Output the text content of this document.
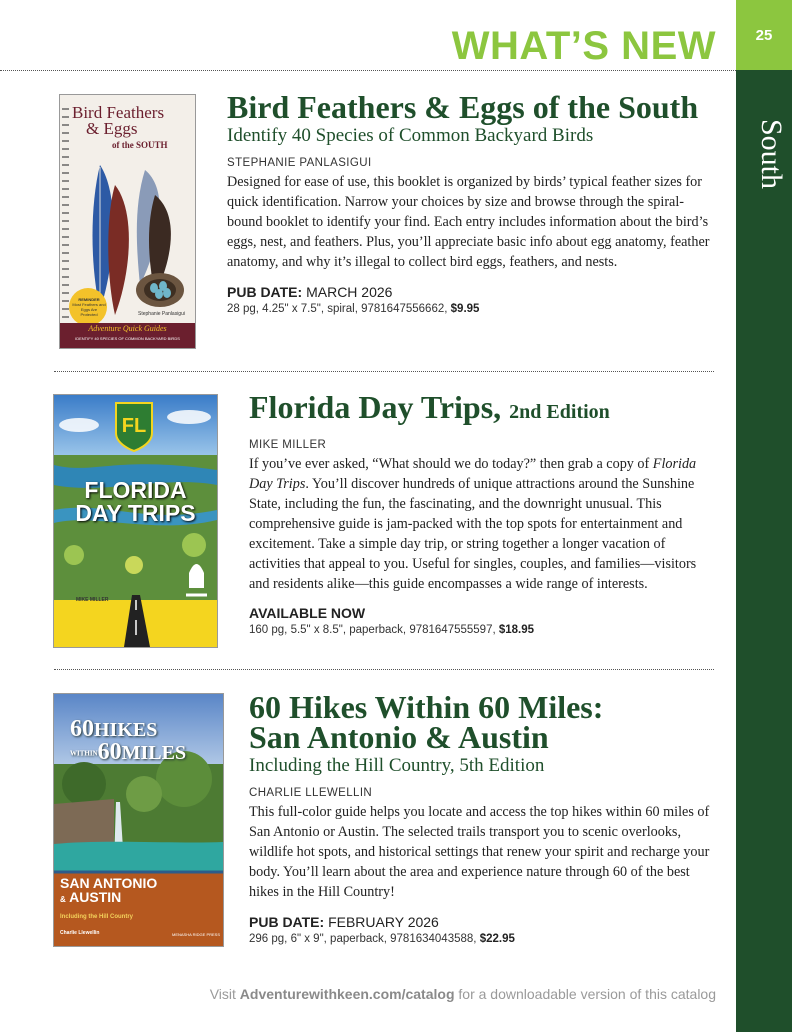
25
South
WHAT’S NEW
Bird Feathers
& Eggs
of the SOUTH
REMINDER
Most Feathers and Eggs Are Protected	Stephanie Panlasigui
Adventure Quick Guides
IDENTIFY 40 SPECIES OF COMMON BACKYARD BIRDS
Bird Feathers & Eggs of the South
Identify 40 Species of Common Backyard Birds
STEPHANIE PANLASIGUI
Designed for ease of use, this booklet is organized by birds’ typical feather sizes for quick identification. Narrow your choices by size and browse through the spiral-bound booklet to identify your find. Each entry includes information about the bird’s eggs, nest, and feathers. Plus, you’ll appreciate basic info about egg anatomy, feather anatomy, and why it’s illegal to collect bird eggs, feathers, and nests.
PUB DATE: MARCH 2026
28 pg, 4.25" x 7.5", spiral, 9781647556662, $9.95
FL
FLORIDA
DAY TRIPS
MIKE MILLER
Florida Day Trips, 2nd Edition
MIKE MILLER
If you’ve ever asked, “What should we do today?” then grab a copy of Florida Day Trips. You’ll discover hundreds of unique attractions around the Sunshine State, including the fun, the fascinating, and the downright unusual. This comprehensive guide is jam-packed with the top spots for entertainment and excitement. Take a simple day trip, or string together a longer vacation of activities that appeal to you. Useful for singles, couples, and families—visitors and residents alike—this guide encompasses a wide range of interests.
AVAILABLE NOW
160 pg, 5.5" x 8.5", paperback, 9781647555597, $18.95
60HIKES
WITHIN60MILES
SAN ANTONIO
& AUSTIN
Including the Hill Country
Charlie Llewellin	MENASHA RIDGE PRESS
60 Hikes Within 60 Miles:
San Antonio & Austin
Including the Hill Country, 5th Edition
CHARLIE LLEWELLIN
This full-color guide helps you locate and access the top hikes within 60 miles of San Antonio or Austin. The selected trails transport you to scenic overlooks, wildlife hot spots, and historical settings that renew your spirit and recharge your body. You’ll learn about the area and experience nature through 60 of the best hikes in the Hill Country!
PUB DATE: FEBRUARY 2026
296 pg, 6" x 9", paperback, 9781634043588, $22.95
Visit Adventurewithkeen.com/catalog for a downloadable version of this catalog
